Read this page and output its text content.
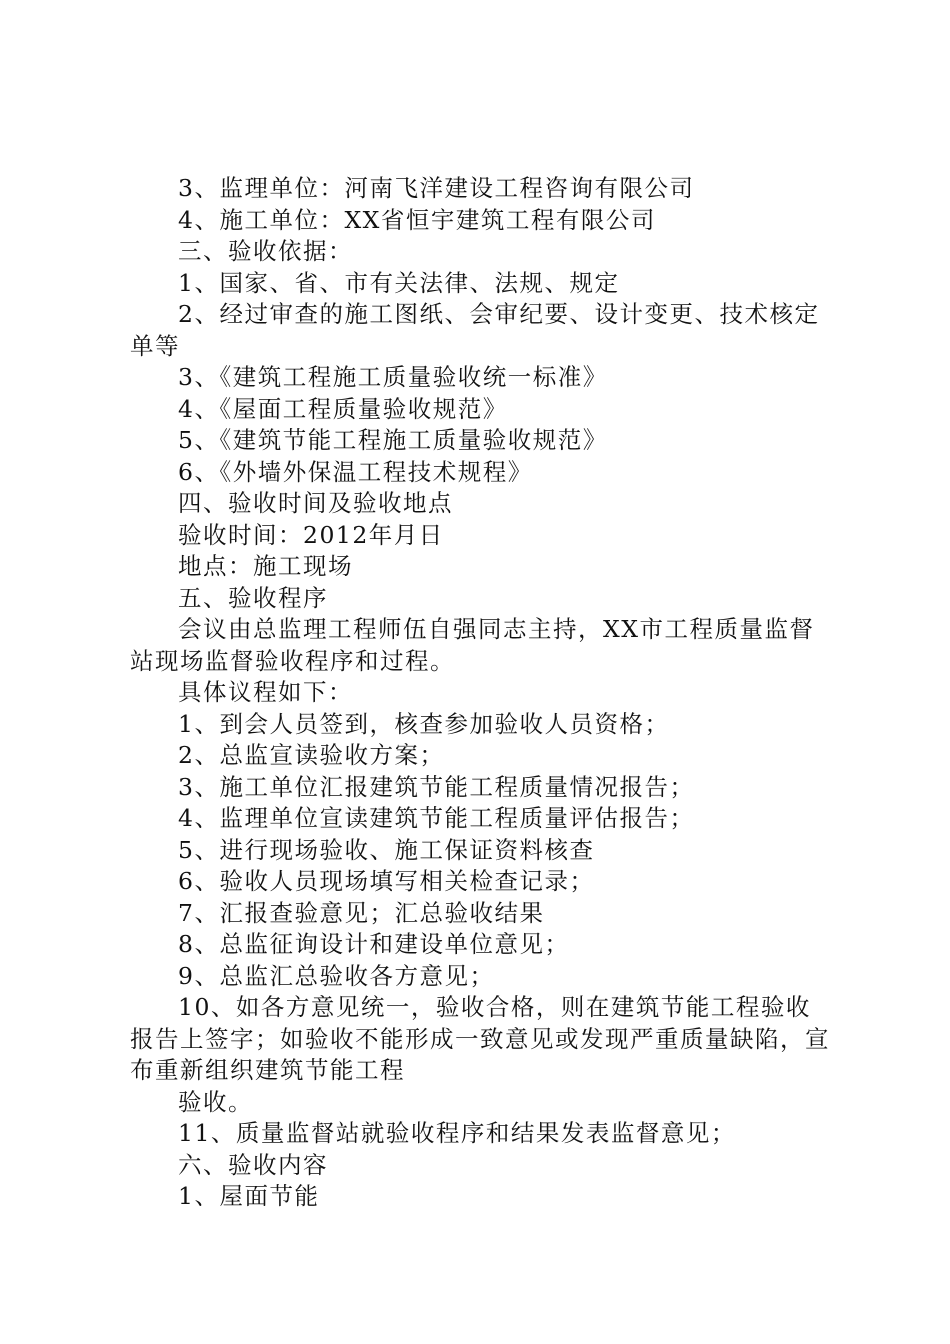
3、监理单位：河南飞洋建设工程咨询有限公司

4、施工单位：XX省恒宇建筑工程有限公司

三、验收依据：

1、国家、省、市有关法律、法规、规定

2、经过审查的施工图纸、会审纪要、设计变更、技术核定单等

3、《建筑工程施工质量验收统一标准》

4、《屋面工程质量验收规范》

5、《建筑节能工程施工质量验收规范》

6、《外墙外保温工程技术规程》

四、验收时间及验收地点

验收时间：2012年月日

地点：施工现场

五、验收程序

会议由总监理工程师伍自强同志主持，XX市工程质量监督站现场监督验收程序和过程。

具体议程如下：

1、到会人员签到，核查参加验收人员资格；

2、总监宣读验收方案；

3、施工单位汇报建筑节能工程质量情况报告；

4、监理单位宣读建筑节能工程质量评估报告；

5、进行现场验收、施工保证资料核查

6、验收人员现场填写相关检查记录；

7、汇报查验意见；汇总验收结果

8、总监征询设计和建设单位意见；

9、总监汇总验收各方意见；

10、如各方意见统一，验收合格，则在建筑节能工程验收报告上签字；如验收不能形成一致意见或发现严重质量缺陷，宣布重新组织建筑节能工程

验收。

11、质量监督站就验收程序和结果发表监督意见；

六、验收内容

1、屋面节能
